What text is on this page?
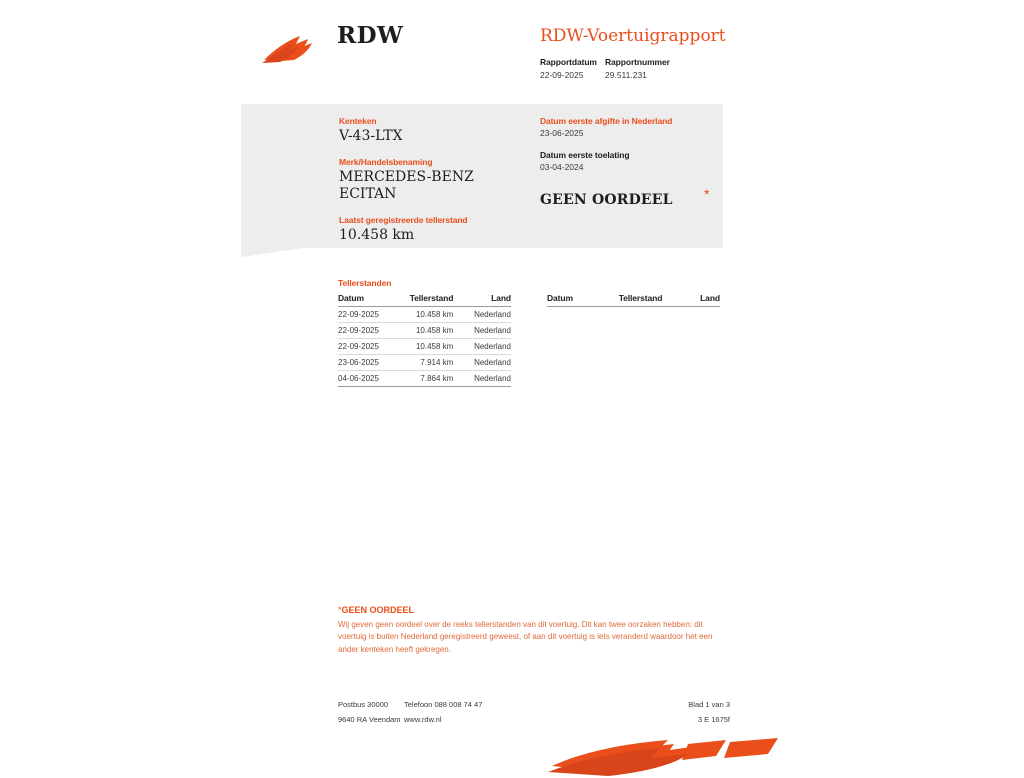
RDW	RDW-Voertuigrapport
Rapportdatum
22-09-2025
Rapportnummer
29.511.231
Kenteken
V-43-LTX
Merk/Handelsbenaming
MERCEDES-BENZ ECITAN
Laatst geregistreerde tellerstand
10.458 km
Datum eerste afgifte in Nederland
23-06-2025
Datum eerste toelating
03-04-2024
GEEN OORDEEL	*
Tellerstanden
Datum	Tellerstand	Land
22-09-2025	10.458 km	Nederland
22-09-2025	10.458 km	Nederland
22-09-2025	10.458 km	Nederland
23-06-2025	7.914 km	Nederland
04-06-2025	7.864 km	Nederland
Datum	Tellerstand	Land
*GEEN OORDEEL
Wij geven geen oordeel over de reeks tellerstanden van dit voertuig. Dit kan twee oorzaken hebben: dit voertuig is buiten Nederland geregistreerd geweest, of aan dit voertuig is iets veranderd waardoor het een ander kenteken heeft gekregen.
Postbus 30000	Telefoon 088 008 74 47
9640 RA Veendam www.rdw.nl
Blad 1 van 3
3 E 1675f
